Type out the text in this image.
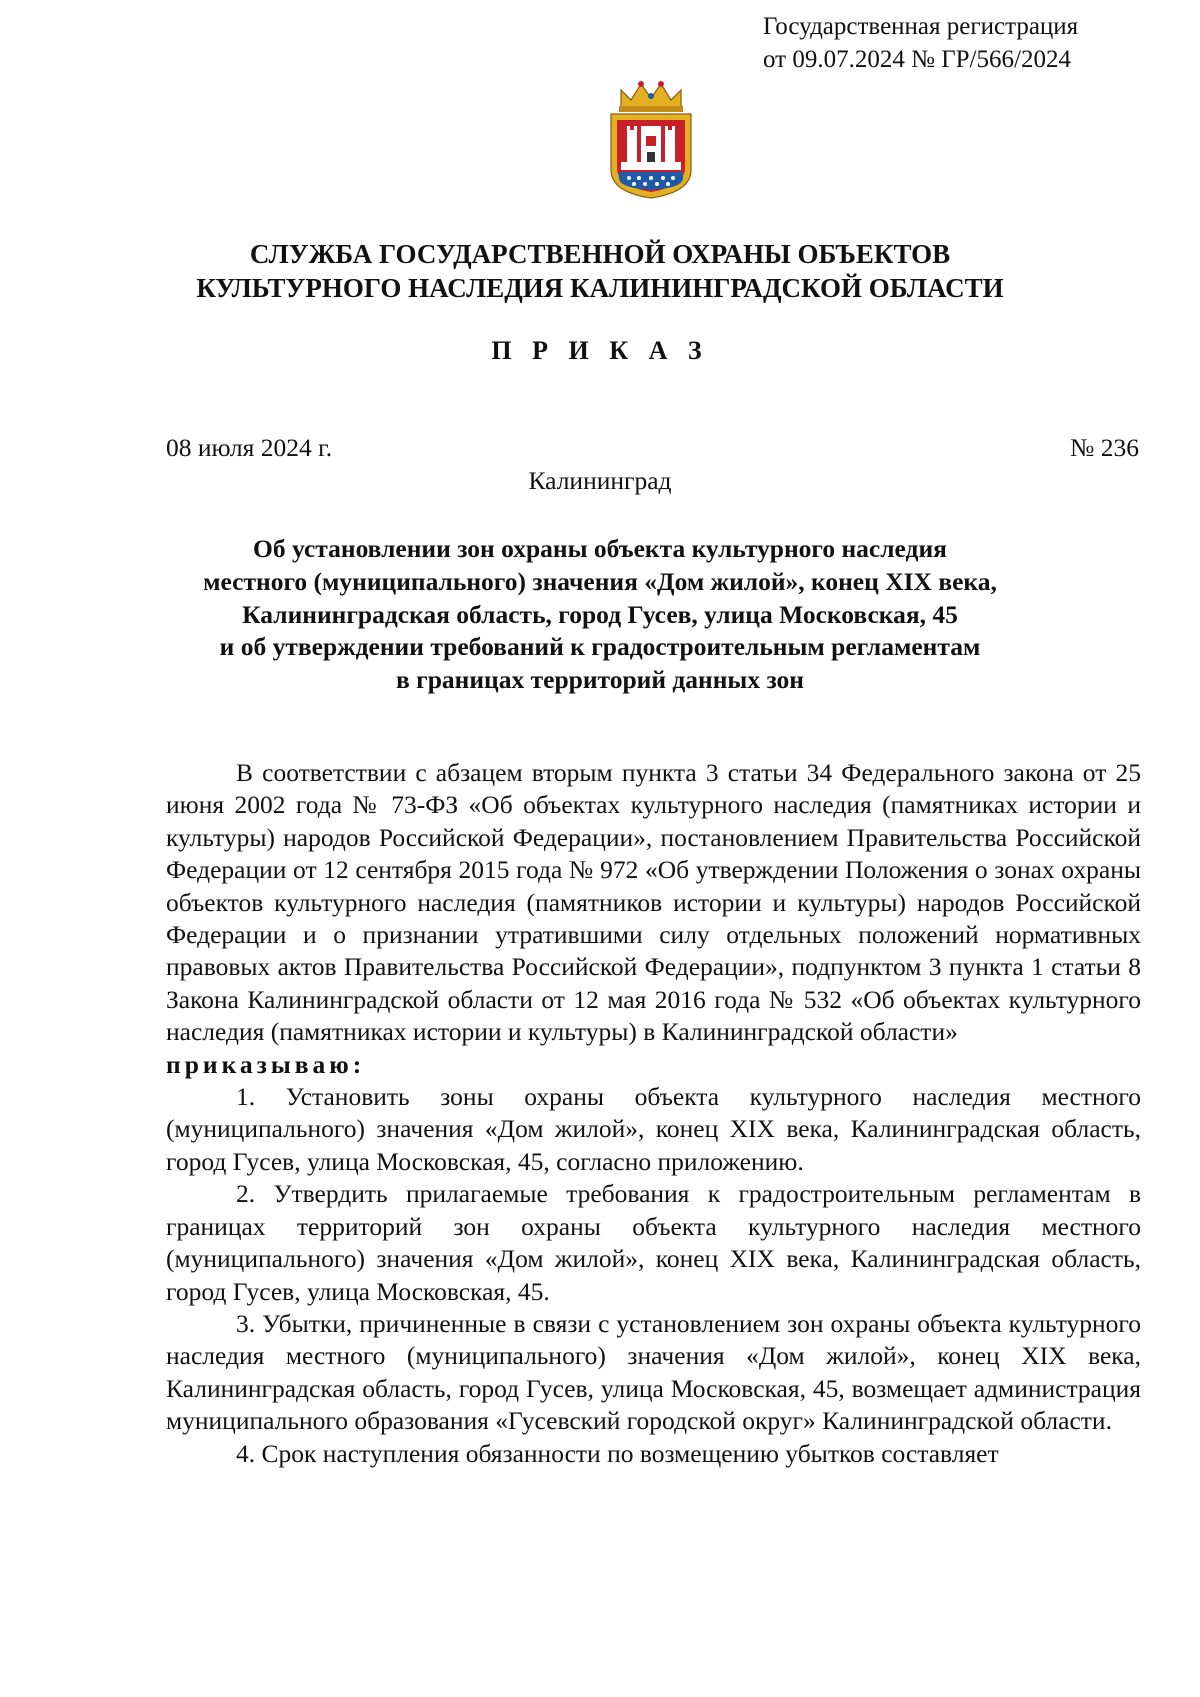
Государственная регистрация
от 09.07.2024 № ГР/566/2024
СЛУЖБА ГОСУДАРСТВЕННОЙ ОХРАНЫ ОБЪЕКТОВ
КУЛЬТУРНОГО НАСЛЕДИЯ КАЛИНИНГРАДСКОЙ ОБЛАСТИ
П Р И К А З
08 июля 2024 г.	№ 236
Калининград
Об установлении зон охраны объекта культурного наследия
местного (муниципального) значения «Дом жилой», конец XIX века,
Калининградская область, город Гусев, улица Московская, 45
и об утверждении требований к градостроительным регламентам
в границах территорий данных зон

В соответствии с абзацем вторым пункта 3 статьи 34 Федерального закона от 25 июня 2002 года № 73-ФЗ «Об объектах культурного наследия (памятниках истории и культуры) народов Российской Федерации», постановлением Правительства Российской Федерации от 12 сентября 2015 года № 972 «Об утверждении Положения о зонах охраны объектов культурного наследия (памятников истории и культуры) народов Российской Федерации и о признании утратившими силу отдельных положений нормативных правовых актов Правительства Российской Федерации», подпунктом 3 пункта 1 статьи 8 Закона Калининградской области от 12 мая 2016 года № 532 «Об объектах культурного наследия (памятниках истории и культуры) в Калининградской области»

приказываю:

1. Установить зоны охраны объекта культурного наследия местного (муниципального) значения «Дом жилой», конец XIX века, Калининградская область, город Гусев, улица Московская, 45, согласно приложению.

2. Утвердить прилагаемые требования к градостроительным регламентам в границах территорий зон охраны объекта культурного наследия местного (муниципального) значения «Дом жилой», конец XIX века, Калининградская область, город Гусев, улица Московская, 45.

3. Убытки, причиненные в связи с установлением зон охраны объекта культурного наследия местного (муниципального) значения «Дом жилой», конец XIX века, Калининградская область, город Гусев, улица Московская, 45, возмещает администрация муниципального образования «Гусевский городской округ» Калининградской области.

4. Срок наступления обязанности по возмещению убытков составляет
